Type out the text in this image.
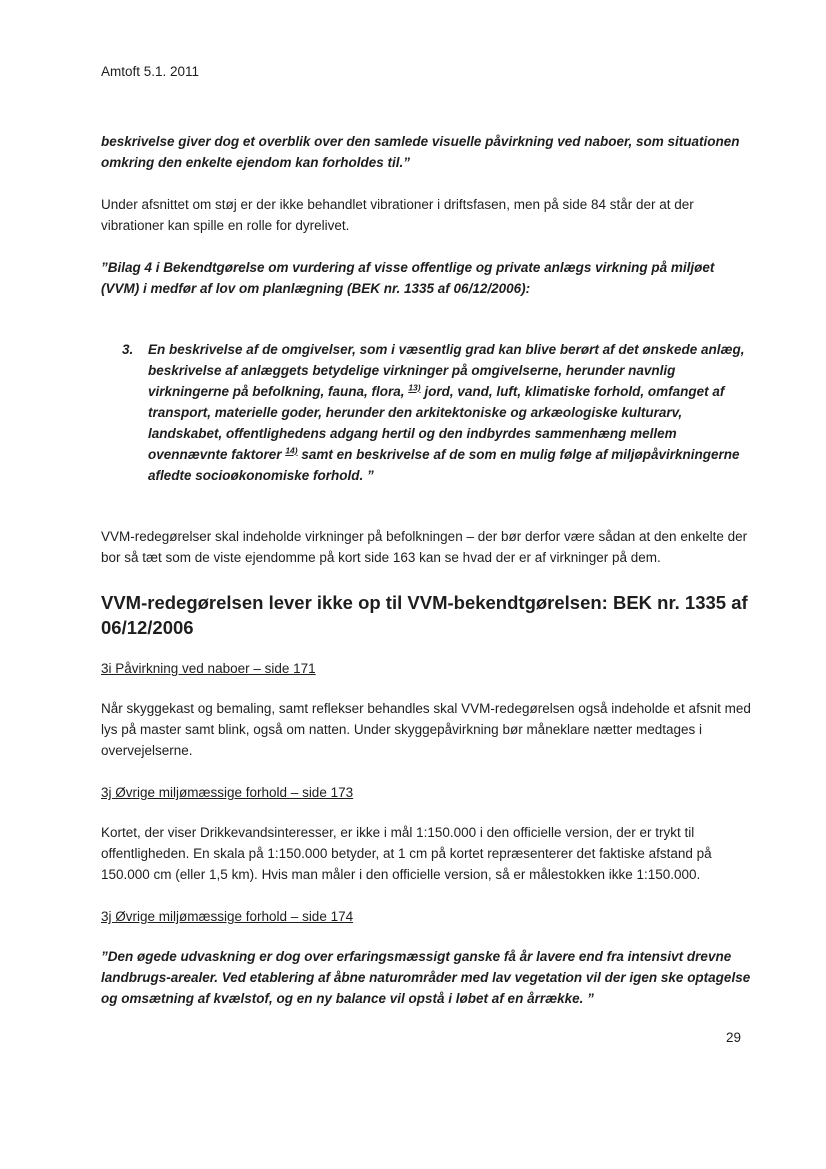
Amtoft 5.1. 2011

beskrivelse giver dog et overblik over den samlede visuelle påvirkning ved naboer, som situationen omkring den enkelte ejendom kan forholdes til.”

Under afsnittet om støj er der ikke behandlet vibrationer i driftsfasen, men på side 84 står der at der vibrationer kan spille en rolle for dyrelivet.

”Bilag 4 i Bekendtgørelse om vurdering af visse offentlige og private anlægs virkning på miljøet (VVM) i medfør af lov om planlægning (BEK nr. 1335 af 06/12/2006):

3.	En beskrivelse af de omgivelser, som i væsentlig grad kan blive berørt af det ønskede anlæg, beskrivelse af anlæggets betydelige virkninger på omgivelserne, herunder navnlig virkningerne på befolkning, fauna, flora, $^{13)}$ jord, vand, luft, klimatiske forhold, omfanget af transport, materielle goder, herunder den arkitektoniske og arkæologiske kulturarv, landskabet, offentlighedens adgang hertil og den indbyrdes sammenhæng mellem ovennævnte faktorer $^{14)}$ samt en beskrivelse af de som en mulig følge af miljøpåvirkningerne afledte socioøkonomiske forhold. ”

VVM-redegørelser skal indeholde virkninger på befolkningen – der bør derfor være sådan at den enkelte der bor så tæt som de viste ejendomme på kort side 163 kan se hvad der er af virkninger på dem.

VVM-redegørelsen lever ikke op til VVM-bekendtgørelsen: BEK nr. 1335 af 06/12/2006

3i Påvirkning ved naboer – side 171

Når skyggekast og bemaling, samt reflekser behandles skal VVM-redegørelsen også indeholde et afsnit med lys på master samt blink, også om natten. Under skyggepåvirkning bør måneklare nætter medtages i overvejelserne.

3j Øvrige miljømæssige forhold – side 173

Kortet, der viser Drikkevandsinteresser, er ikke i mål 1:150.000 i den officielle version, der er trykt til offentligheden. En skala på 1:150.000 betyder, at 1 cm på kortet repræsenterer det faktiske afstand på 150.000 cm (eller 1,5 km). Hvis man måler i den officielle version, så er målestokken ikke 1:150.000.

3j Øvrige miljømæssige forhold – side 174

”Den øgede udvaskning er dog over erfaringsmæssigt ganske få år lavere end fra intensivt drevne landbrugs-arealer. Ved etablering af åbne naturområder med lav vegetation vil der igen ske optagelse og omsætning af kvælstof, og en ny balance vil opstå i løbet af en årrække. ”

29
